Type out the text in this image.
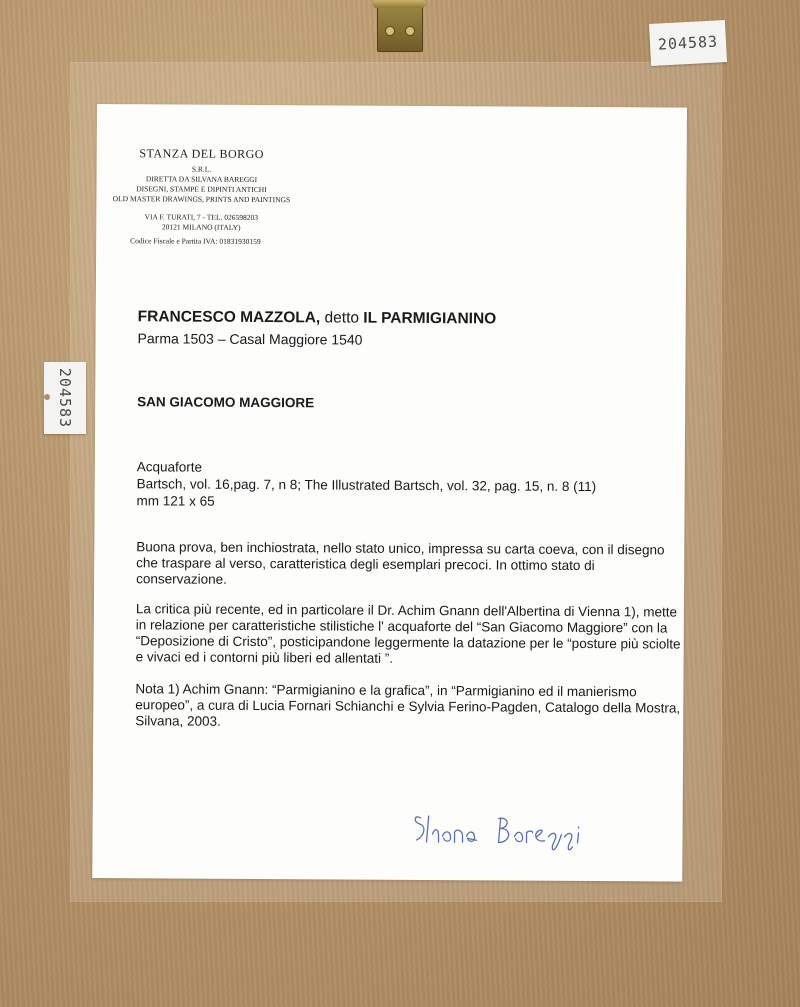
204583
204583
STANZA DEL BORGO
S.R.L.
DIRETTA DA SILVANA BAREGGI
DISEGNI, STAMPE E DIPINTI ANTICHI
OLD MASTER DRAWINGS, PRINTS AND PAINTINGS
VIA F. TURATI, 7 - TEL. 026598203
20121 MILANO (ITALY)
Codice Fiscale e Partita IVA: 01831930159
FRANCESCO MAZZOLA, detto IL PARMIGIANINO
Parma 1503 – Casal Maggiore 1540
SAN GIACOMO MAGGIORE
Acquaforte
Bartsch, vol. 16,pag. 7, n 8; The Illustrated Bartsch, vol. 32, pag. 15, n. 8 (11)
mm 121 x 65
Buona prova, ben inchiostrata, nello stato unico, impressa su carta coeva, con il disegno che traspare al verso, caratteristica degli esemplari precoci. In ottimo stato di conservazione.
La critica più recente, ed in particolare il Dr. Achim Gnann dell'Albertina di Vienna 1), mette in relazione per caratteristiche stilistiche l' acquaforte del “San Giacomo Maggiore” con la “Deposizione di Cristo”, posticipandone leggermente la datazione per le “posture più sciolte e vivaci ed i contorni più liberi ed allentati ”.
Nota 1) Achim Gnann: “Parmigianino e la grafica”, in “Parmigianino ed il manierismo europeo”, a cura di Lucia Fornari Schianchi e Sylvia Ferino-Pagden, Catalogo della Mostra, Silvana, 2003.
